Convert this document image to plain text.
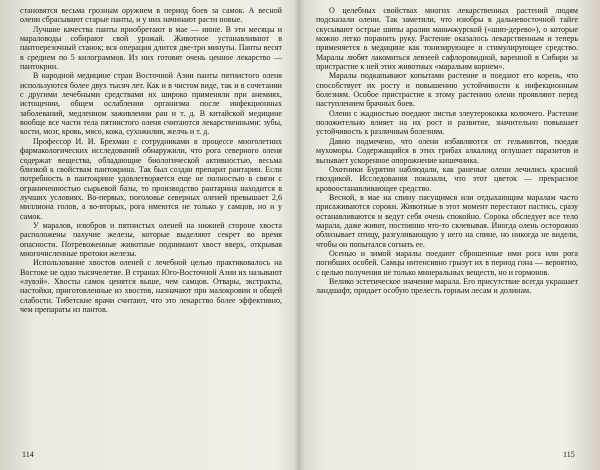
становятся весьма грозным оружием в период боев за самок. А весной олени сбрасывают старые панты, и у них начинают расти новые.

Лучшие качества панты приобретают в мае — июне. В эти месяцы и мараловоды собирают свой урожай. Животное устанавливают в пантоерезочный станок; вся операция длится две-три минуты. Панты весят в среднем по 5 килограммов. Из них готовят очень ценное лекарство — пантокрин.

В народной медицине стран Восточной Азии панты пятнистого оленя используются более двух тысяч лет. Как и в чистом виде, так и в сочетании с другими лечебными средствами их широко применяли при анемиях, истощении, общем ослаблении организма после инфекционных заболеваний, медленном заживлении ран и т. д. В китайской медицине вообще все части тела пятнистого оленя считаются лекарственными: зубы, кости, мозг, кровь, мясо, кожа, сухожилия, желчь и т. д.

Профессор И. И. Брехман с сотрудниками в процессе многолетних фармакологических исследований обнаружили, что рога северного оленя содержат вещества, обладающие биологической активностью, весьма близкой к свойствам пантокрина. Так был создан препарат рантарин. Если потребность в пантокрине удовлетворяется еще не полностью в связи с ограниченностью сырьевой базы, то производство рантарина находится в лучших условиях. Во-первых, поголовье северных оленей превышает 2,6 миллиона голов, а во-вторых, рога имеются не только у самцов, но и у самок.

У маралов, изюбров и пятнистых оленей на нижней стороне хвоста расположены пахучие железы, которые выделяют секрет во время опасности. Потревоженные животные поднимают хвост вверх, открывая многочисленные протоки железы.

Использование хвостов оленей с лечебной целью практиковалось на Востоке не одно тысячелетие. В странах Юго-Восточной Азии их называют «лувэй». Хвосты самок ценятся выше, чем самцов. Отвары, экстракты, настойки, приготовленные из хвостов, назначают при малокровии и общей слабости. Тибетские врачи считают, что это лекарство более эффективно, чем препараты из пантов.

114

О целебных свойствах многих лекарственных растений людям подсказали олени. Так заметили, что изюбры в дальневосточной тайге скусывают острые шипы аралии маньчжурской («шип-дерево»), о которые можно легко поранить руку. Растение оказалось лекарственным и теперь применяется в медицине как тонизирующее и стимулирующее средство. Маралы любят лакомиться левзеей сафлоровидной, варенной в Сибири за пристрастие к ней этих животных «маральим корнем».

Маралы подкапывают копытами растение и поедают его корень, что способствует их росту и повышению устойчивости к инфекционным болезням. Особое пристрастие к этому растению олени проявляют перед наступлением брачных боев.

Олени с жадностью поедают листья элеутерококка колючего. Растение положительно влияет на их рост и развитие, значительно повышает устойчивость к различным болезням.

Давно подмечено, что олени избавляются от гельминтов, поедая мухоморы. Содержащийся в этих грибах алкалоид оглушает паразитов и вызывает ускоренное опорожнение кишечника.

Охотники Бурятии наблюдали, как раненые олени лечились красной гвоздикой. Исследования показали, что этот цветок — прекрасное кровоостанавливающее средство.

Весной, в мае на спину пасущимся или отдыхающим маралам часто присаживаются сороки. Животные в этот момент перестают пастись, сразу останавливаются и ведут себя очень спокойно. Сорока обследует все тело марала, даже живот, постоянно что-то склевывая. Иногда олень осторожно облизывает птицу, разгуливающую у него на спине, но никогда не видели, чтобы он попытался согнать ее.

Осенью и зимой маралы поедают сброшенные ими рога или рога погибших особей. Самцы интенсивно грызут их в период гона — вероятно, с целью получения не только минеральных веществ, но и гормонов.

Велико эстетическое значение марала. Его присутствие всегда украшает ландшафт, придает особую прелесть горным лесам и долинам.

115
